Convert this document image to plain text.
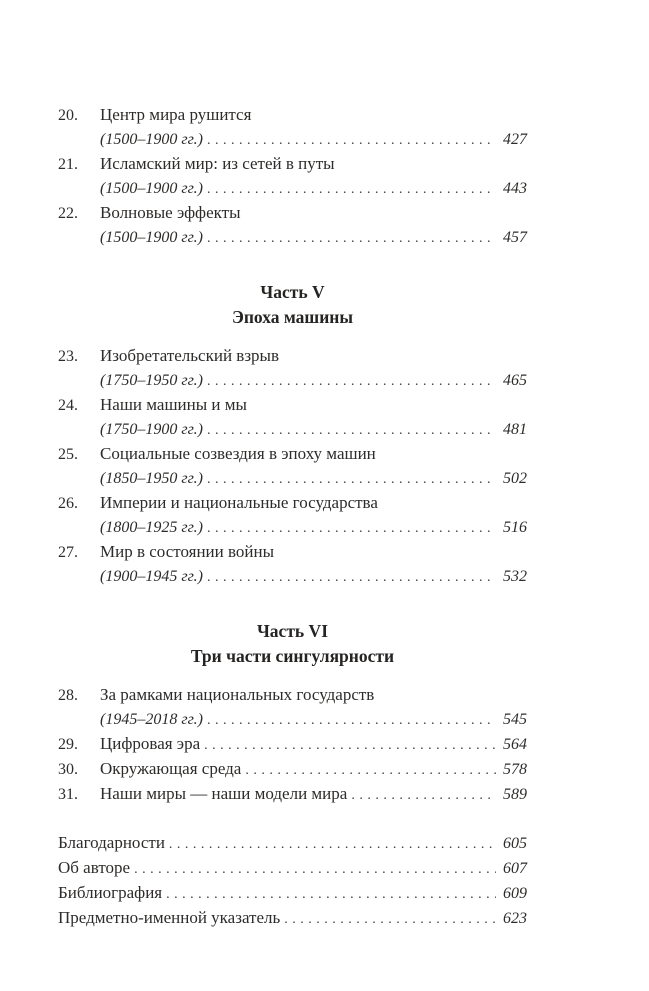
20.	Центр мира рушится
(1500–1900 гг.) .....	427
21.	Исламский мир: из сетей в путы
(1500–1900 гг.) .....	443
22.	Волновые эффекты
(1500–1900 гг.) .....	457
Часть V
Эпоха машины
23.	Изобретательский взрыв
(1750–1950 гг.) .....	465
24.	Наши машины и мы
(1750–1900 гг.) .....	481
25.	Социальные созвездия в эпоху машин
(1850–1950 гг.) .....	502
26.	Империи и национальные государства
(1800–1925 гг.) .....	516
27.	Мир в состоянии войны
(1900–1945 гг.) .....	532
Часть VI
Три части сингулярности
28.	За рамками национальных государств
(1945–2018 гг.) .....	545
29.	Цифровая эра .....	564
30.	Окружающая среда .....	578
31.	Наши миры — наши модели мира .....	589
Благодарности .....	605
Об авторе .....	607
Библиография .....	609
Предметно-именной указатель .....	623
